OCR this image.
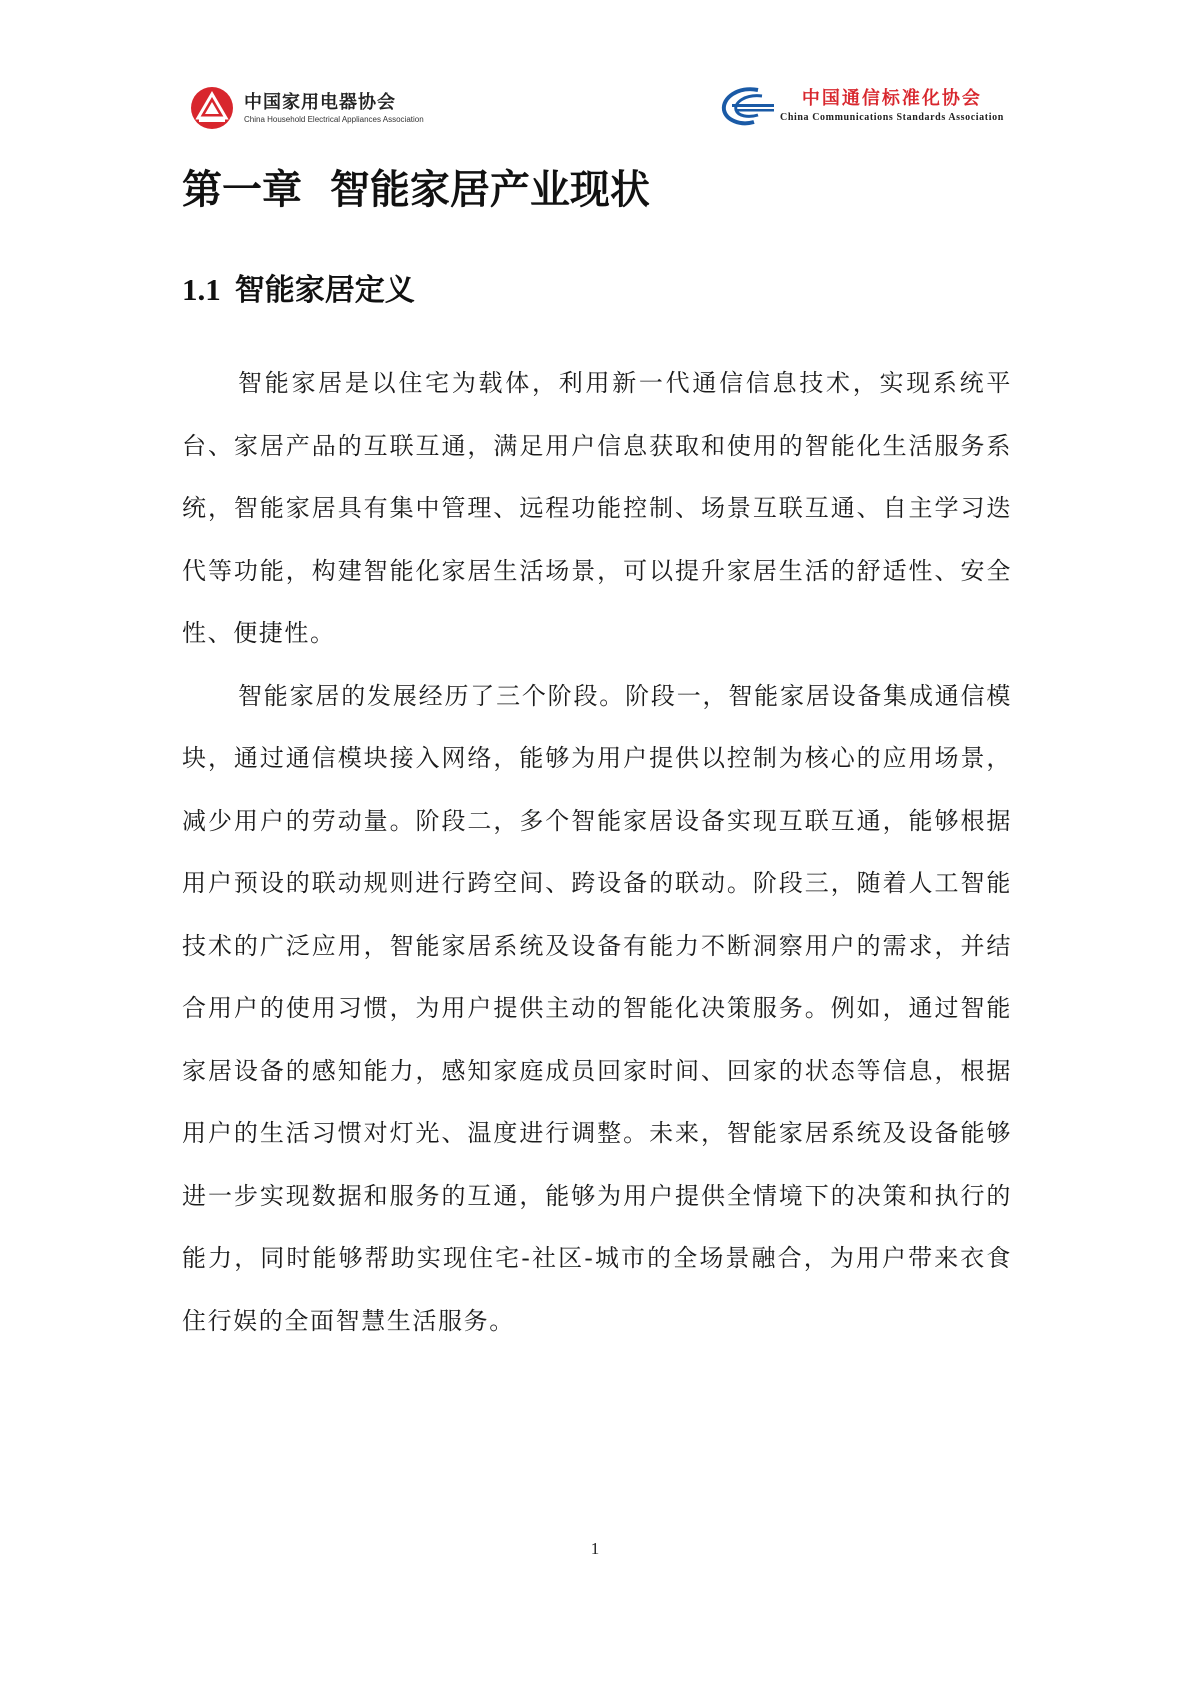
中国家用电器协会
China Household Electrical Appliances Association
中国通信标准化协会
China Communications Standards Association
第一章  智能家居产业现状
1.1 智能家居定义

智能家居是以住宅为载体，利用新一代通信信息技术，实现系统平台、家居产品的互联互通，满足用户信息获取和使用的智能化生活服务系统，智能家居具有集中管理、远程功能控制、场景互联互通、自主学习迭代等功能，构建智能化家居生活场景，可以提升家居生活的舒适性、安全性、便捷性。

智能家居的发展经历了三个阶段。阶段一，智能家居设备集成通信模块，通过通信模块接入网络，能够为用户提供以控制为核心的应用场景，减少用户的劳动量。阶段二，多个智能家居设备实现互联互通，能够根据用户预设的联动规则进行跨空间、跨设备的联动。阶段三，随着人工智能技术的广泛应用，智能家居系统及设备有能力不断洞察用户的需求，并结合用户的使用习惯，为用户提供主动的智能化决策服务。例如，通过智能家居设备的感知能力，感知家庭成员回家时间、回家的状态等信息，根据用户的生活习惯对灯光、温度进行调整。未来，智能家居系统及设备能够进一步实现数据和服务的互通，能够为用户提供全情境下的决策和执行的能力，同时能够帮助实现住宅-社区-城市的全场景融合，为用户带来衣食住行娱的全面智慧生活服务。

1
